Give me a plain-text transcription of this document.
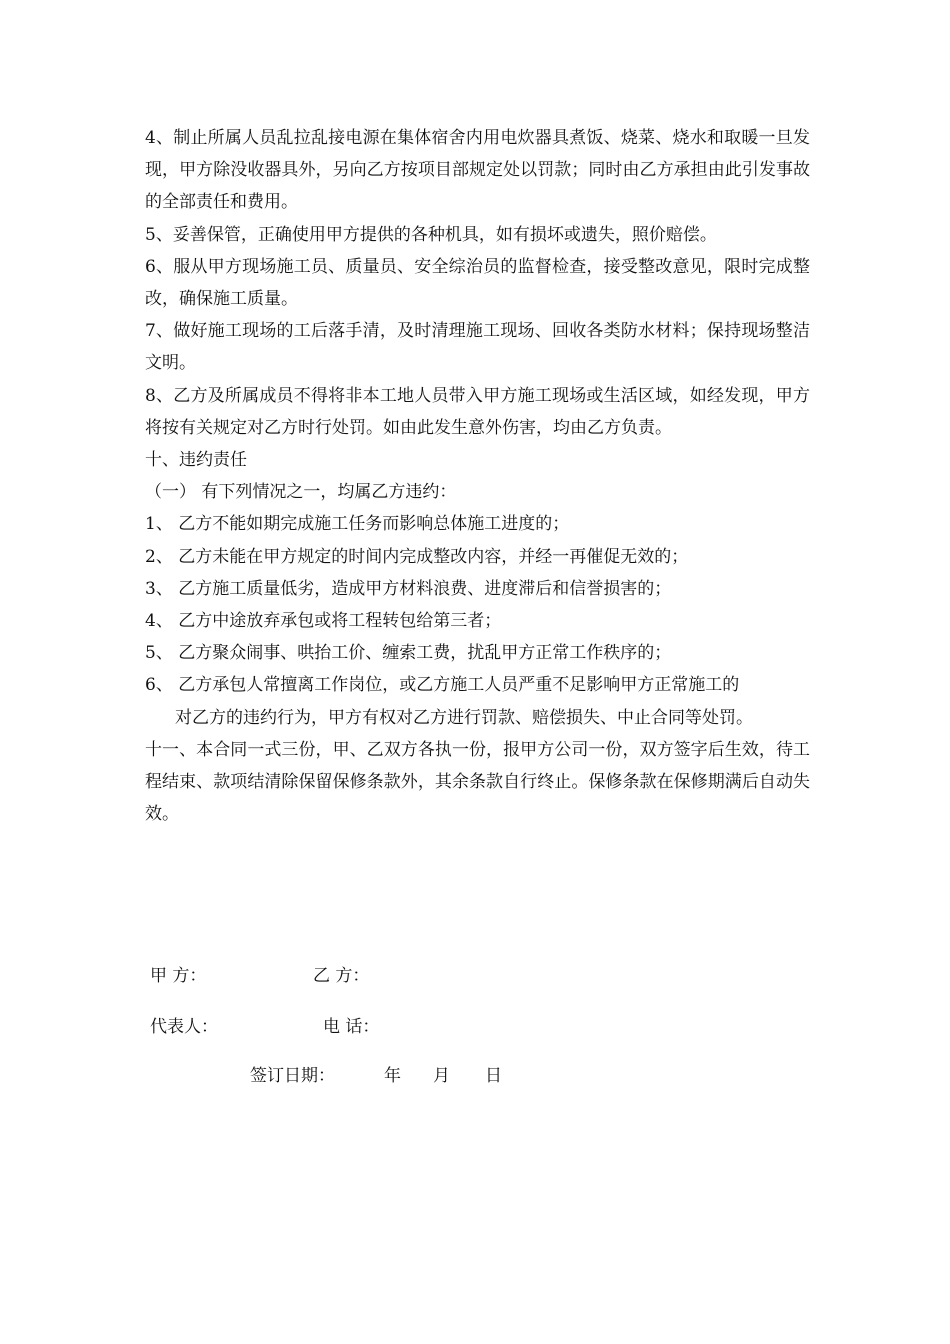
4、制止所属人员乱拉乱接电源在集体宿舍内用电炊器具煮饭、烧菜、烧水和取暖一旦发现，甲方除没收器具外，另向乙方按项目部规定处以罚款；同时由乙方承担由此引发事故的全部责任和费用。

5、妥善保管，正确使用甲方提供的各种机具，如有损坏或遗失，照价赔偿。

6、服从甲方现场施工员、质量员、安全综治员的监督检查，接受整改意见，限时完成整改，确保施工质量。

7、做好施工现场的工后落手清，及时清理施工现场、回收各类防水材料；保持现场整洁文明。

8、乙方及所属成员不得将非本工地人员带入甲方施工现场或生活区域，如经发现，甲方将按有关规定对乙方时行处罚。如由此发生意外伤害，均由乙方负责。

十、违约责任

（一） 有下列情况之一，均属乙方违约：

1、 乙方不能如期完成施工任务而影响总体施工进度的；

2、 乙方未能在甲方规定的时间内完成整改内容，并经一再催促无效的；

3、 乙方施工质量低劣，造成甲方材料浪费、进度滞后和信誉损害的；

4、 乙方中途放弃承包或将工程转包给第三者；

5、 乙方聚众闹事、哄抬工价、缠索工费，扰乱甲方正常工作秩序的；

6、 乙方承包人常擅离工作岗位，或乙方施工人员严重不足影响甲方正常施工的

对乙方的违约行为，甲方有权对乙方进行罚款、赔偿损失、中止合同等处罚。

十一、本合同一式三份，甲、乙双方各执一份，报甲方公司一份，双方签字后生效，待工程结束、款项结清除保留保修条款外，其余条款自行终止。保修条款在保修期满后自动失效。

甲 方：	乙 方：
代表人：	电 话：
签订日期：	年 月 日
